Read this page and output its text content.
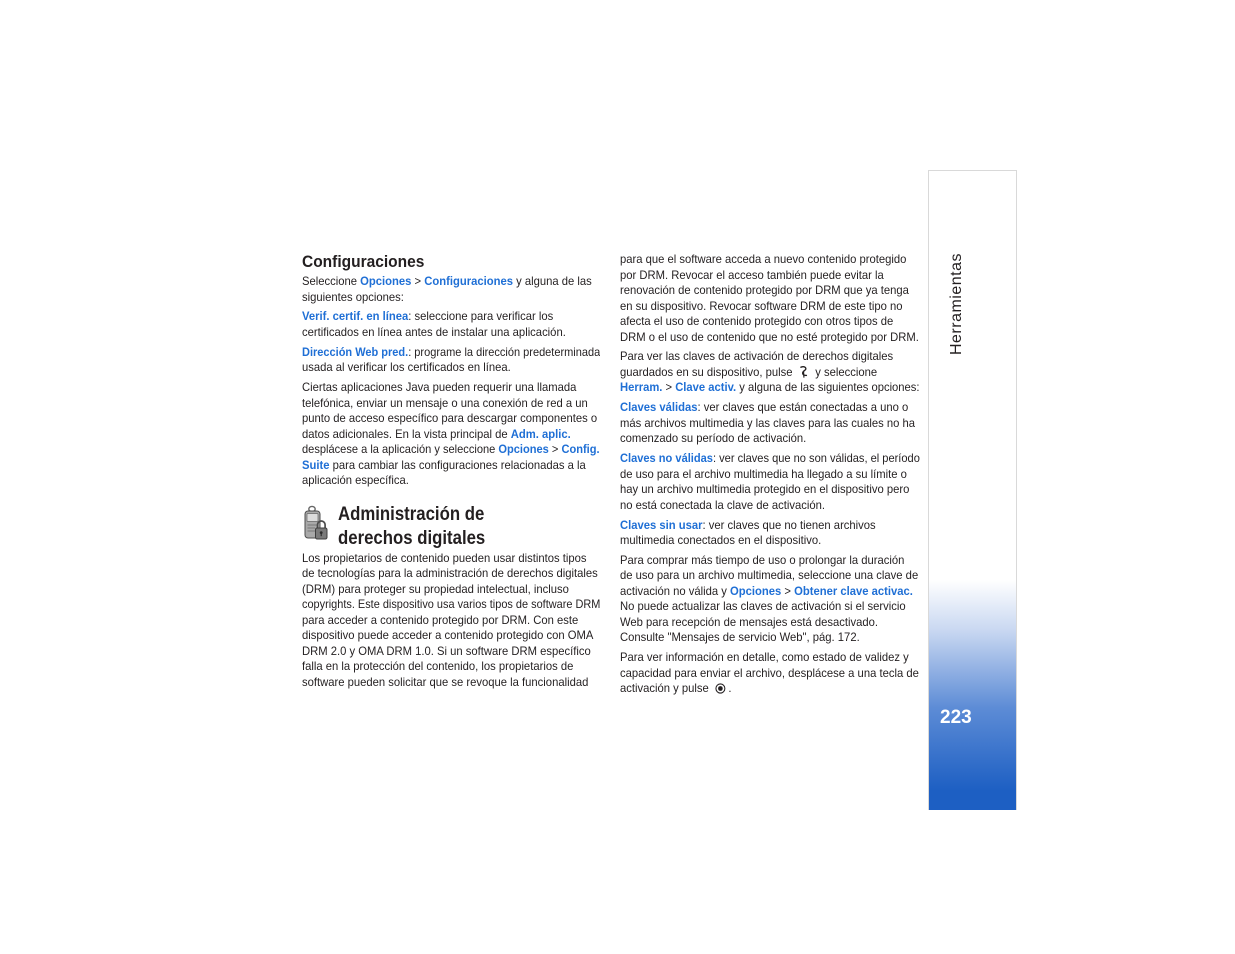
Configuraciones

Seleccione Opciones > Configuraciones y alguna de las
siguientes opciones:

Verif. certif. en línea: seleccione para verificar los
certificados en línea antes de instalar una aplicación.

Dirección Web pred.: programe la dirección predeterminada
usada al verificar los certificados en línea.

Ciertas aplicaciones Java pueden requerir una llamada
telefónica, enviar un mensaje o una conexión de red a un
punto de acceso específico para descargar componentes o
datos adicionales. En la vista principal de Adm. aplic.
desplácese a la aplicación y seleccione Opciones > Config.
Suite para cambiar las configuraciones relacionadas a la
aplicación específica.

Administración de
derechos digitales

Los propietarios de contenido pueden usar distintos tipos
de tecnologías para la administración de derechos digitales
(DRM) para proteger su propiedad intelectual, incluso
copyrights. Este dispositivo usa varios tipos de software DRM
para acceder a contenido protegido por DRM. Con este
dispositivo puede acceder a contenido protegido con OMA
DRM 2.0 y OMA DRM 1.0. Si un software DRM específico
falla en la protección del contenido, los propietarios de
software pueden solicitar que se revoque la funcionalidad

para que el software acceda a nuevo contenido protegido
por DRM. Revocar el acceso también puede evitar la
renovación de contenido protegido por DRM que ya tenga
en su dispositivo. Revocar software DRM de este tipo no
afecta el uso de contenido protegido con otros tipos de
DRM o el uso de contenido que no esté protegido por DRM.

Para ver las claves de activación de derechos digitales
guardados en su dispositivo, pulse  y seleccione
Herram. > Clave activ. y alguna de las siguientes opciones:

Claves válidas: ver claves que están conectadas a uno o
más archivos multimedia y las claves para las cuales no ha
comenzado su período de activación.

Claves no válidas: ver claves que no son válidas, el período
de uso para el archivo multimedia ha llegado a su límite o
hay un archivo multimedia protegido en el dispositivo pero
no está conectada la clave de activación.

Claves sin usar: ver claves que no tienen archivos
multimedia conectados en el dispositivo.

Para comprar más tiempo de uso o prolongar la duración
de uso para un archivo multimedia, seleccione una clave de
activación no válida y Opciones > Obtener clave activac.
No puede actualizar las claves de activación si el servicio
Web para recepción de mensajes está desactivado.
Consulte "Mensajes de servicio Web", pág. 172.

Para ver información en detalle, como estado de validez y
capacidad para enviar el archivo, desplácese a una tecla de
activación y pulse .

Herramientas
223
